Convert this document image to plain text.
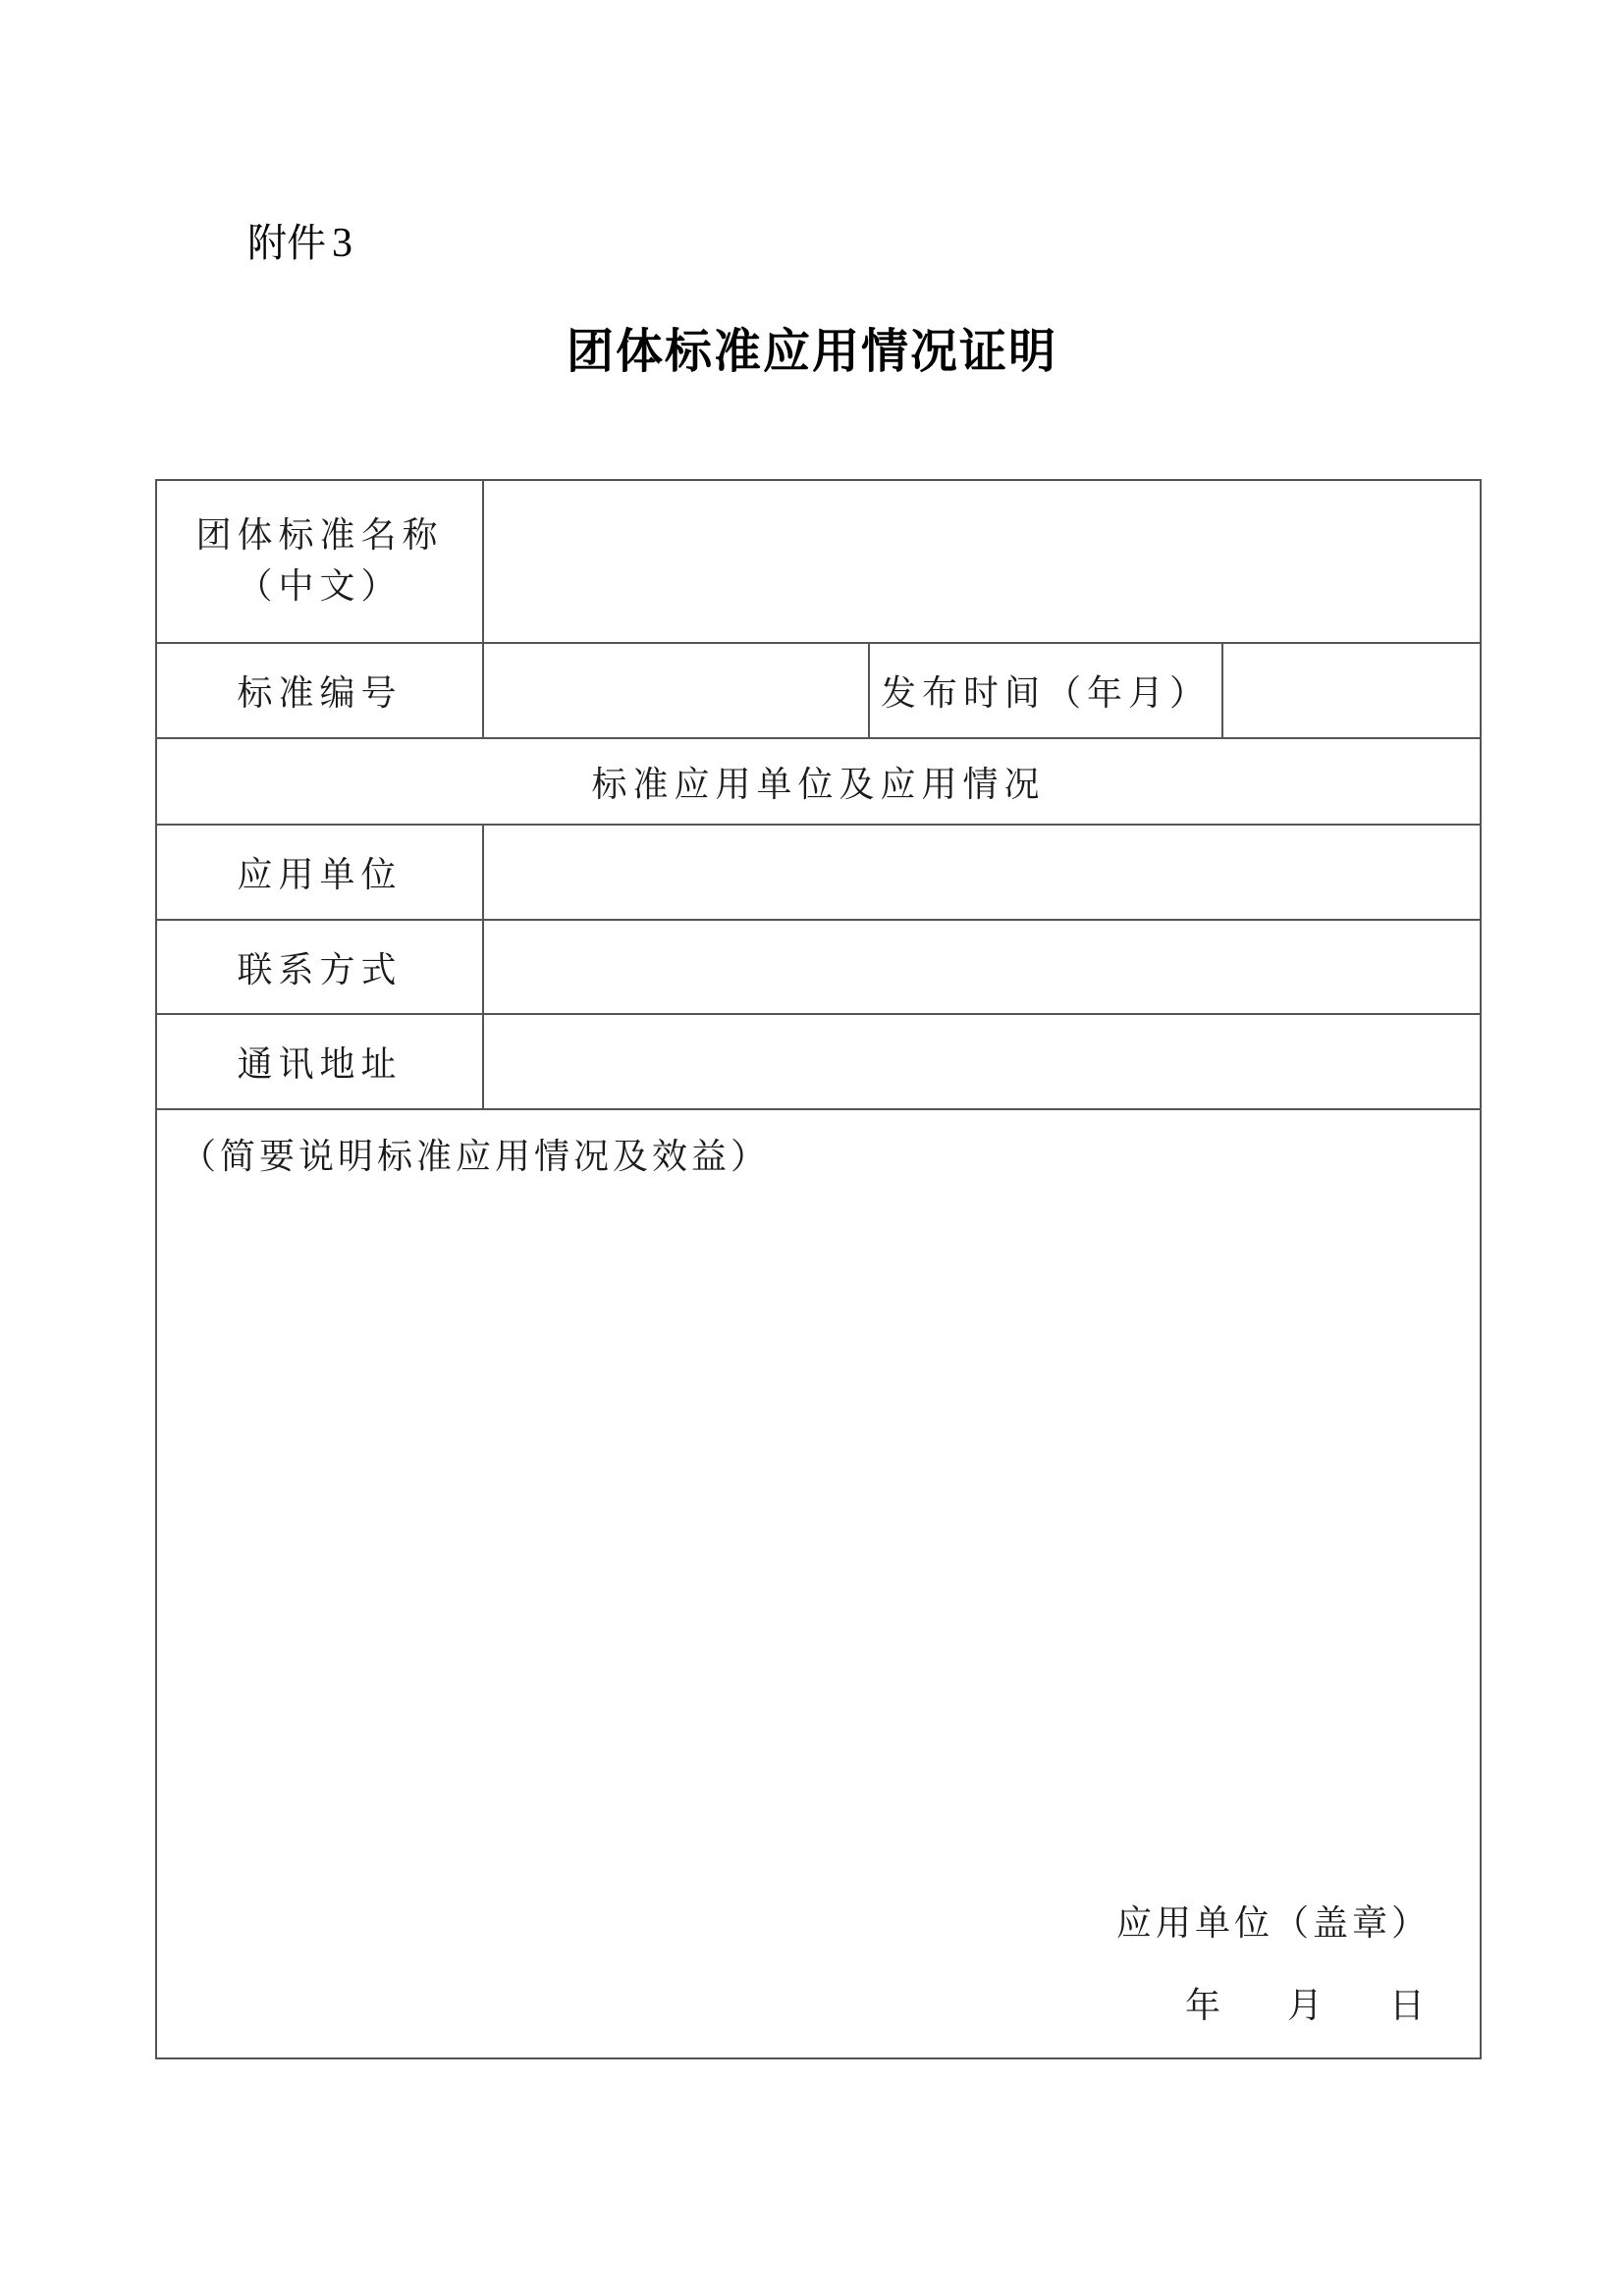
附件 3
团体标准应用情况证明
团体标准名称
（中文）			

标准编号		发布时间（年月）	
标准应用单位及应用情况			
应用单位			
联系方式			
通讯地址			

（简要说明标准应用情况及效益）
应用单位（盖章）
年 月 日			
